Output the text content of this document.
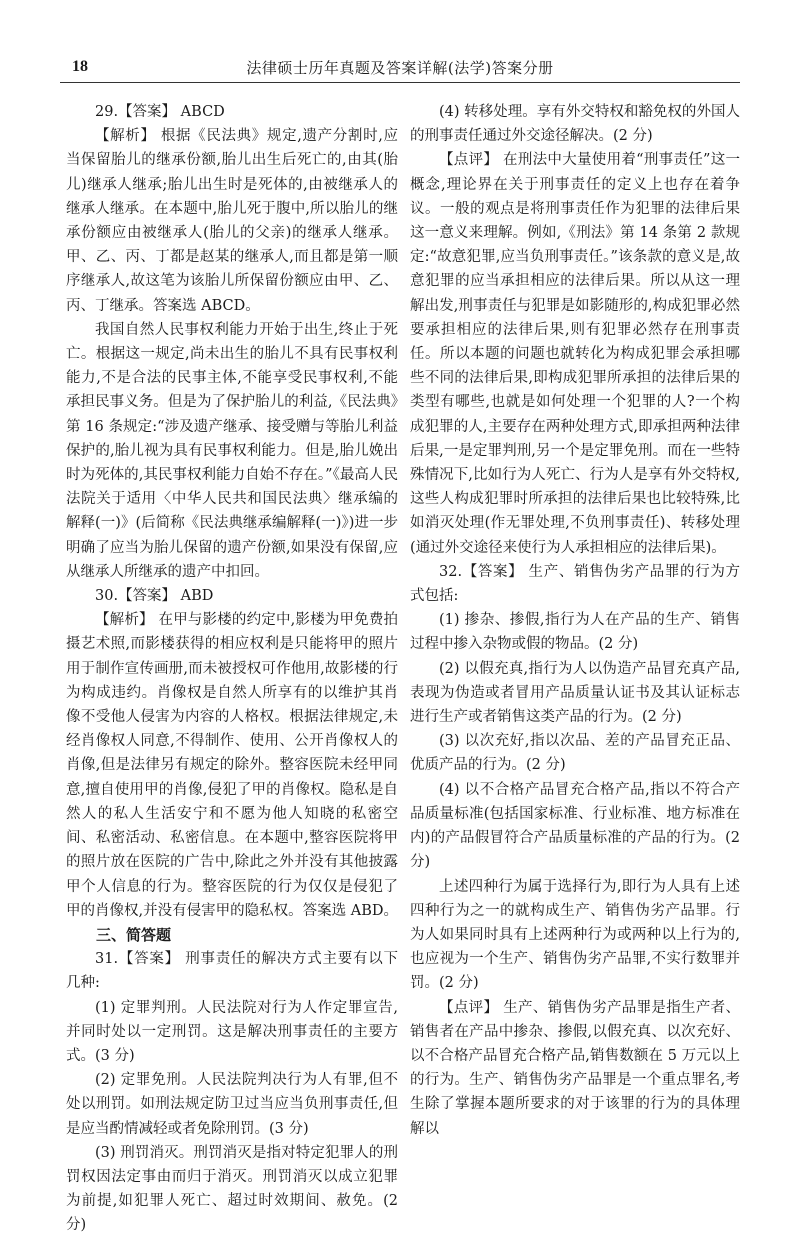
18	法律硕士历年真题及答案详解(法学)答案分册

29.【答案】 ABCD

【解析】 根据《民法典》规定,遗产分割时,应当保留胎儿的继承份额,胎儿出生后死亡的,由其(胎儿)继承人继承;胎儿出生时是死体的,由被继承人的继承人继承。在本题中,胎儿死于腹中,所以胎儿的继承份额应由被继承人(胎儿的父亲)的继承人继承。甲、乙、丙、丁都是赵某的继承人,而且都是第一顺序继承人,故这笔为该胎儿所保留份额应由甲、乙、丙、丁继承。答案选 ABCD。

我国自然人民事权利能力开始于出生,终止于死亡。根据这一规定,尚未出生的胎儿不具有民事权利能力,不是合法的民事主体,不能享受民事权利,不能承担民事义务。但是为了保护胎儿的利益,《民法典》第 16 条规定:“涉及遗产继承、接受赠与等胎儿利益保护的,胎儿视为具有民事权利能力。但是,胎儿娩出时为死体的,其民事权利能力自始不存在。”《最高人民法院关于适用〈中华人民共和国民法典〉继承编的解释(一)》(后简称《民法典继承编解释(一)》)进一步明确了应当为胎儿保留的遗产份额,如果没有保留,应从继承人所继承的遗产中扣回。

30.【答案】 ABD

【解析】 在甲与影楼的约定中,影楼为甲免费拍摄艺术照,而影楼获得的相应权利是只能将甲的照片用于制作宣传画册,而未被授权可作他用,故影楼的行为构成违约。肖像权是自然人所享有的以维护其肖像不受他人侵害为内容的人格权。根据法律规定,未经肖像权人同意,不得制作、使用、公开肖像权人的肖像,但是法律另有规定的除外。整容医院未经甲同意,擅自使用甲的肖像,侵犯了甲的肖像权。隐私是自然人的私人生活安宁和不愿为他人知晓的私密空间、私密活动、私密信息。在本题中,整容医院将甲的照片放在医院的广告中,除此之外并没有其他披露甲个人信息的行为。整容医院的行为仅仅是侵犯了甲的肖像权,并没有侵害甲的隐私权。答案选 ABD。

三、简答题

31.【答案】 刑事责任的解决方式主要有以下几种:

(1) 定罪判刑。人民法院对行为人作定罪宣告,并同时处以一定刑罚。这是解决刑事责任的主要方式。(3 分)

(2) 定罪免刑。人民法院判决行为人有罪,但不处以刑罚。如刑法规定防卫过当应当负刑事责任,但是应当酌情减轻或者免除刑罚。(3 分)

(3) 刑罚消灭。刑罚消灭是指对特定犯罪人的刑罚权因法定事由而归于消灭。刑罚消灭以成立犯罪为前提,如犯罪人死亡、超过时效期间、赦免。(2 分)

(4) 转移处理。享有外交特权和豁免权的外国人的刑事责任通过外交途径解决。(2 分)

【点评】 在刑法中大量使用着“刑事责任”这一概念,理论界在关于刑事责任的定义上也存在着争议。一般的观点是将刑事责任作为犯罪的法律后果这一意义来理解。例如,《刑法》第 14 条第 2 款规定:“故意犯罪,应当负刑事责任。”该条款的意义是,故意犯罪的应当承担相应的法律后果。所以从这一理解出发,刑事责任与犯罪是如影随形的,构成犯罪必然要承担相应的法律后果,则有犯罪必然存在刑事责任。所以本题的问题也就转化为构成犯罪会承担哪些不同的法律后果,即构成犯罪所承担的法律后果的类型有哪些,也就是如何处理一个犯罪的人?一个构成犯罪的人,主要存在两种处理方式,即承担两种法律后果,一是定罪判刑,另一个是定罪免刑。而在一些特殊情况下,比如行为人死亡、行为人是享有外交特权,这些人构成犯罪时所承担的法律后果也比较特殊,比如消灭处理(作无罪处理,不负刑事责任)、转移处理(通过外交途径来使行为人承担相应的法律后果)。

32.【答案】 生产、销售伪劣产品罪的行为方式包括:

(1) 掺杂、掺假,指行为人在产品的生产、销售过程中掺入杂物或假的物品。(2 分)

(2) 以假充真,指行为人以伪造产品冒充真产品,表现为伪造或者冒用产品质量认证书及其认证标志进行生产或者销售这类产品的行为。(2 分)

(3) 以次充好,指以次品、差的产品冒充正品、优质产品的行为。(2 分)

(4) 以不合格产品冒充合格产品,指以不符合产品质量标准(包括国家标准、行业标准、地方标准在内)的产品假冒符合产品质量标准的产品的行为。(2 分)

上述四种行为属于选择行为,即行为人具有上述四种行为之一的就构成生产、销售伪劣产品罪。行为人如果同时具有上述两种行为或两种以上行为的,也应视为一个生产、销售伪劣产品罪,不实行数罪并罚。(2 分)

【点评】 生产、销售伪劣产品罪是指生产者、销售者在产品中掺杂、掺假,以假充真、以次充好、以不合格产品冒充合格产品,销售数额在 5 万元以上的行为。生产、销售伪劣产品罪是一个重点罪名,考生除了掌握本题所要求的对于该罪的行为的具体理解以
